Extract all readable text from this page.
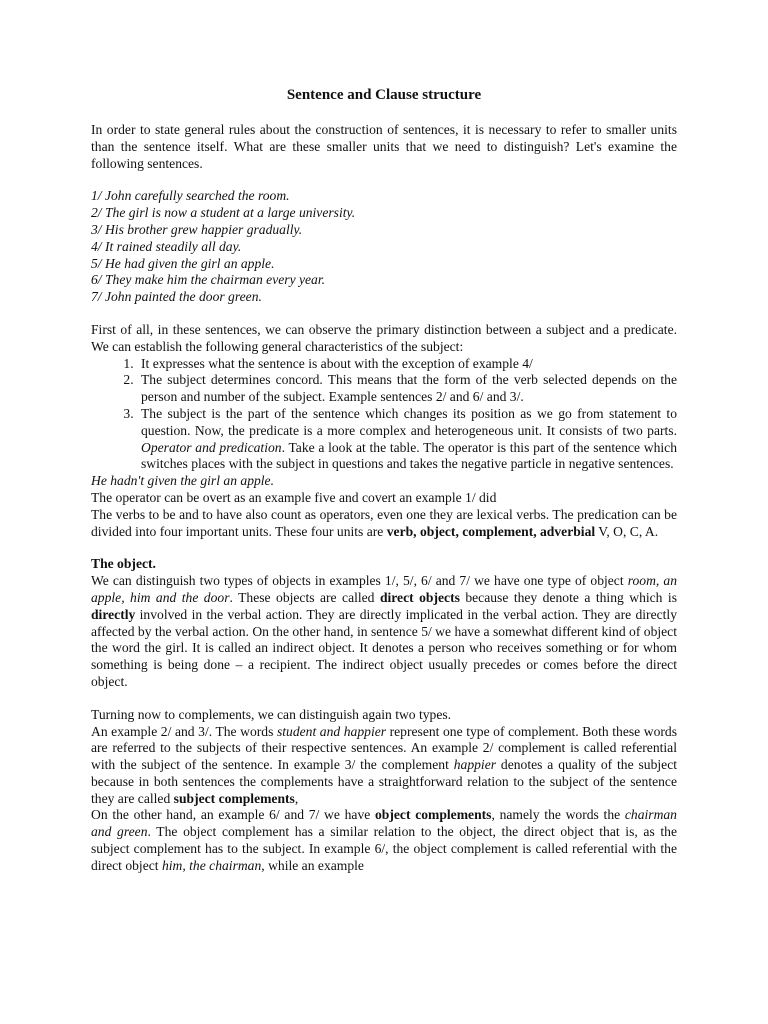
Sentence and Clause structure

In order to state general rules about the construction of sentences, it is necessary to refer to smaller units than the sentence itself. What are these smaller units that we need to distinguish? Let's examine the following sentences.

1/ John carefully searched the room.

2/ The girl is now a student at a large university.

3/ His brother grew happier gradually.

4/ It rained steadily all day.

5/ He had given the girl an apple.

6/ They make him the chairman every year.

7/ John painted the door green.

First of all, in these sentences, we can observe the primary distinction between a subject and a predicate. We can establish the following general characteristics of the subject:

1. It expresses what the sentence is about with the exception of example 4/
2. The subject determines concord. This means that the form of the verb selected depends on the person and number of the subject. Example sentences 2/ and 6/ and 3/.
3. The subject is the part of the sentence which changes its position as we go from statement to question. Now, the predicate is a more complex and heterogeneous unit. It consists of two parts. Operator and predication. Take a look at the table. The operator is this part of the sentence which switches places with the subject in questions and takes the negative particle in negative sentences.

He hadn't given the girl an apple.

The operator can be overt as an example five and covert an example 1/ did

The verbs to be and to have also count as operators, even one they are lexical verbs. The predication can be divided into four important units. These four units are verb, object, complement, adverbial V, O, C, A.

The object.

We can distinguish two types of objects in examples 1/, 5/, 6/ and 7/ we have one type of object room, an apple, him and the door. These objects are called direct objects because they denote a thing which is directly involved in the verbal action. They are directly implicated in the verbal action. They are directly affected by the verbal action. On the other hand, in sentence 5/ we have a somewhat different kind of object the word the girl. It is called an indirect object. It denotes a person who receives something or for whom something is being done – a recipient. The indirect object usually precedes or comes before the direct object.

Turning now to complements, we can distinguish again two types.

An example 2/ and 3/. The words student and happier represent one type of complement. Both these words are referred to the subjects of their respective sentences. An example 2/ complement is called referential with the subject of the sentence. In example 3/ the complement happier denotes a quality of the subject because in both sentences the complements have a straightforward relation to the subject of the sentence they are called subject complements,

On the other hand, an example 6/ and 7/ we have object complements, namely the words the chairman and green. The object complement has a similar relation to the object, the direct object that is, as the subject complement has to the subject. In example 6/, the object complement is called referential with the direct object him, the chairman, while an example
